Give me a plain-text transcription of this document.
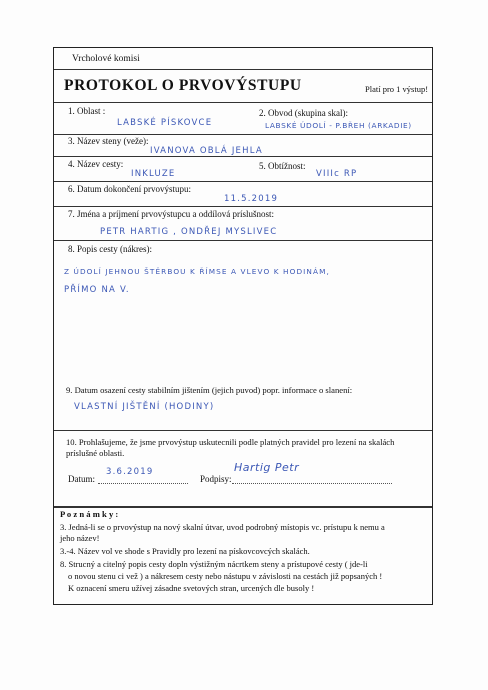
Vrcholové komisi
PROTOKOL O PRVOVÝSTUPU	Platí pro 1 výstup!
1. Oblast :
LABSKÉ PÍSKOVCE
2. Obvod (skupina skal):
LABSKÉ ÚDOLÍ - P.BŘEH (ARKADIE)
3. Název steny (veže):
IVANOVA OBLÁ JEHLA
4. Název cesty:
INKLUZE
5. Obtížnost:
VIIIc RP
6. Datum dokončení prvovýstupu:
11.5.2019
7. Jména a príjmení prvovýstupcu a oddílová príslušnost:
PETR HARTIG , ONDŘEJ MYSLIVEC
8. Popis cesty (nákres):
Z ÚDOLÍ JEHNOU ŠTĚRBOU K ŘÍMSE A VLEVO K HODINÁM,
PŘÍMO NA V.
9. Datum osazení cesty stabilním jištením (jejich puvod) popr. informace o slanení:
VLASTNÍ JIŠTĚNÍ (HODINY)
10. Prohlašujeme, že jsme prvovýstup uskutecnili podle platných pravidel pro lezení na skalách
príslušné oblasti.
Datum:
3.6.2019
Podpisy:
Hartig Petr
P o z n á m k y :
3. Jedná-li se o prvovýstup na nový skalní útvar, uvod podrobný místopis vc. prístupu k nemu a
jeho název!
3.-4. Název vol ve shode s Pravidly pro lezení na pískovcovcých skalách.
8. Strucný a citelný popis cesty dopln výstižným nácrtkem steny a prístupové cesty ( jde-li
o novou stenu ci vež ) a nákresem cesty nebo nástupu v závislosti na cestách již popsaných !
K oznacení smeru užívej zásadne svetových stran, urcených dle busoly !
